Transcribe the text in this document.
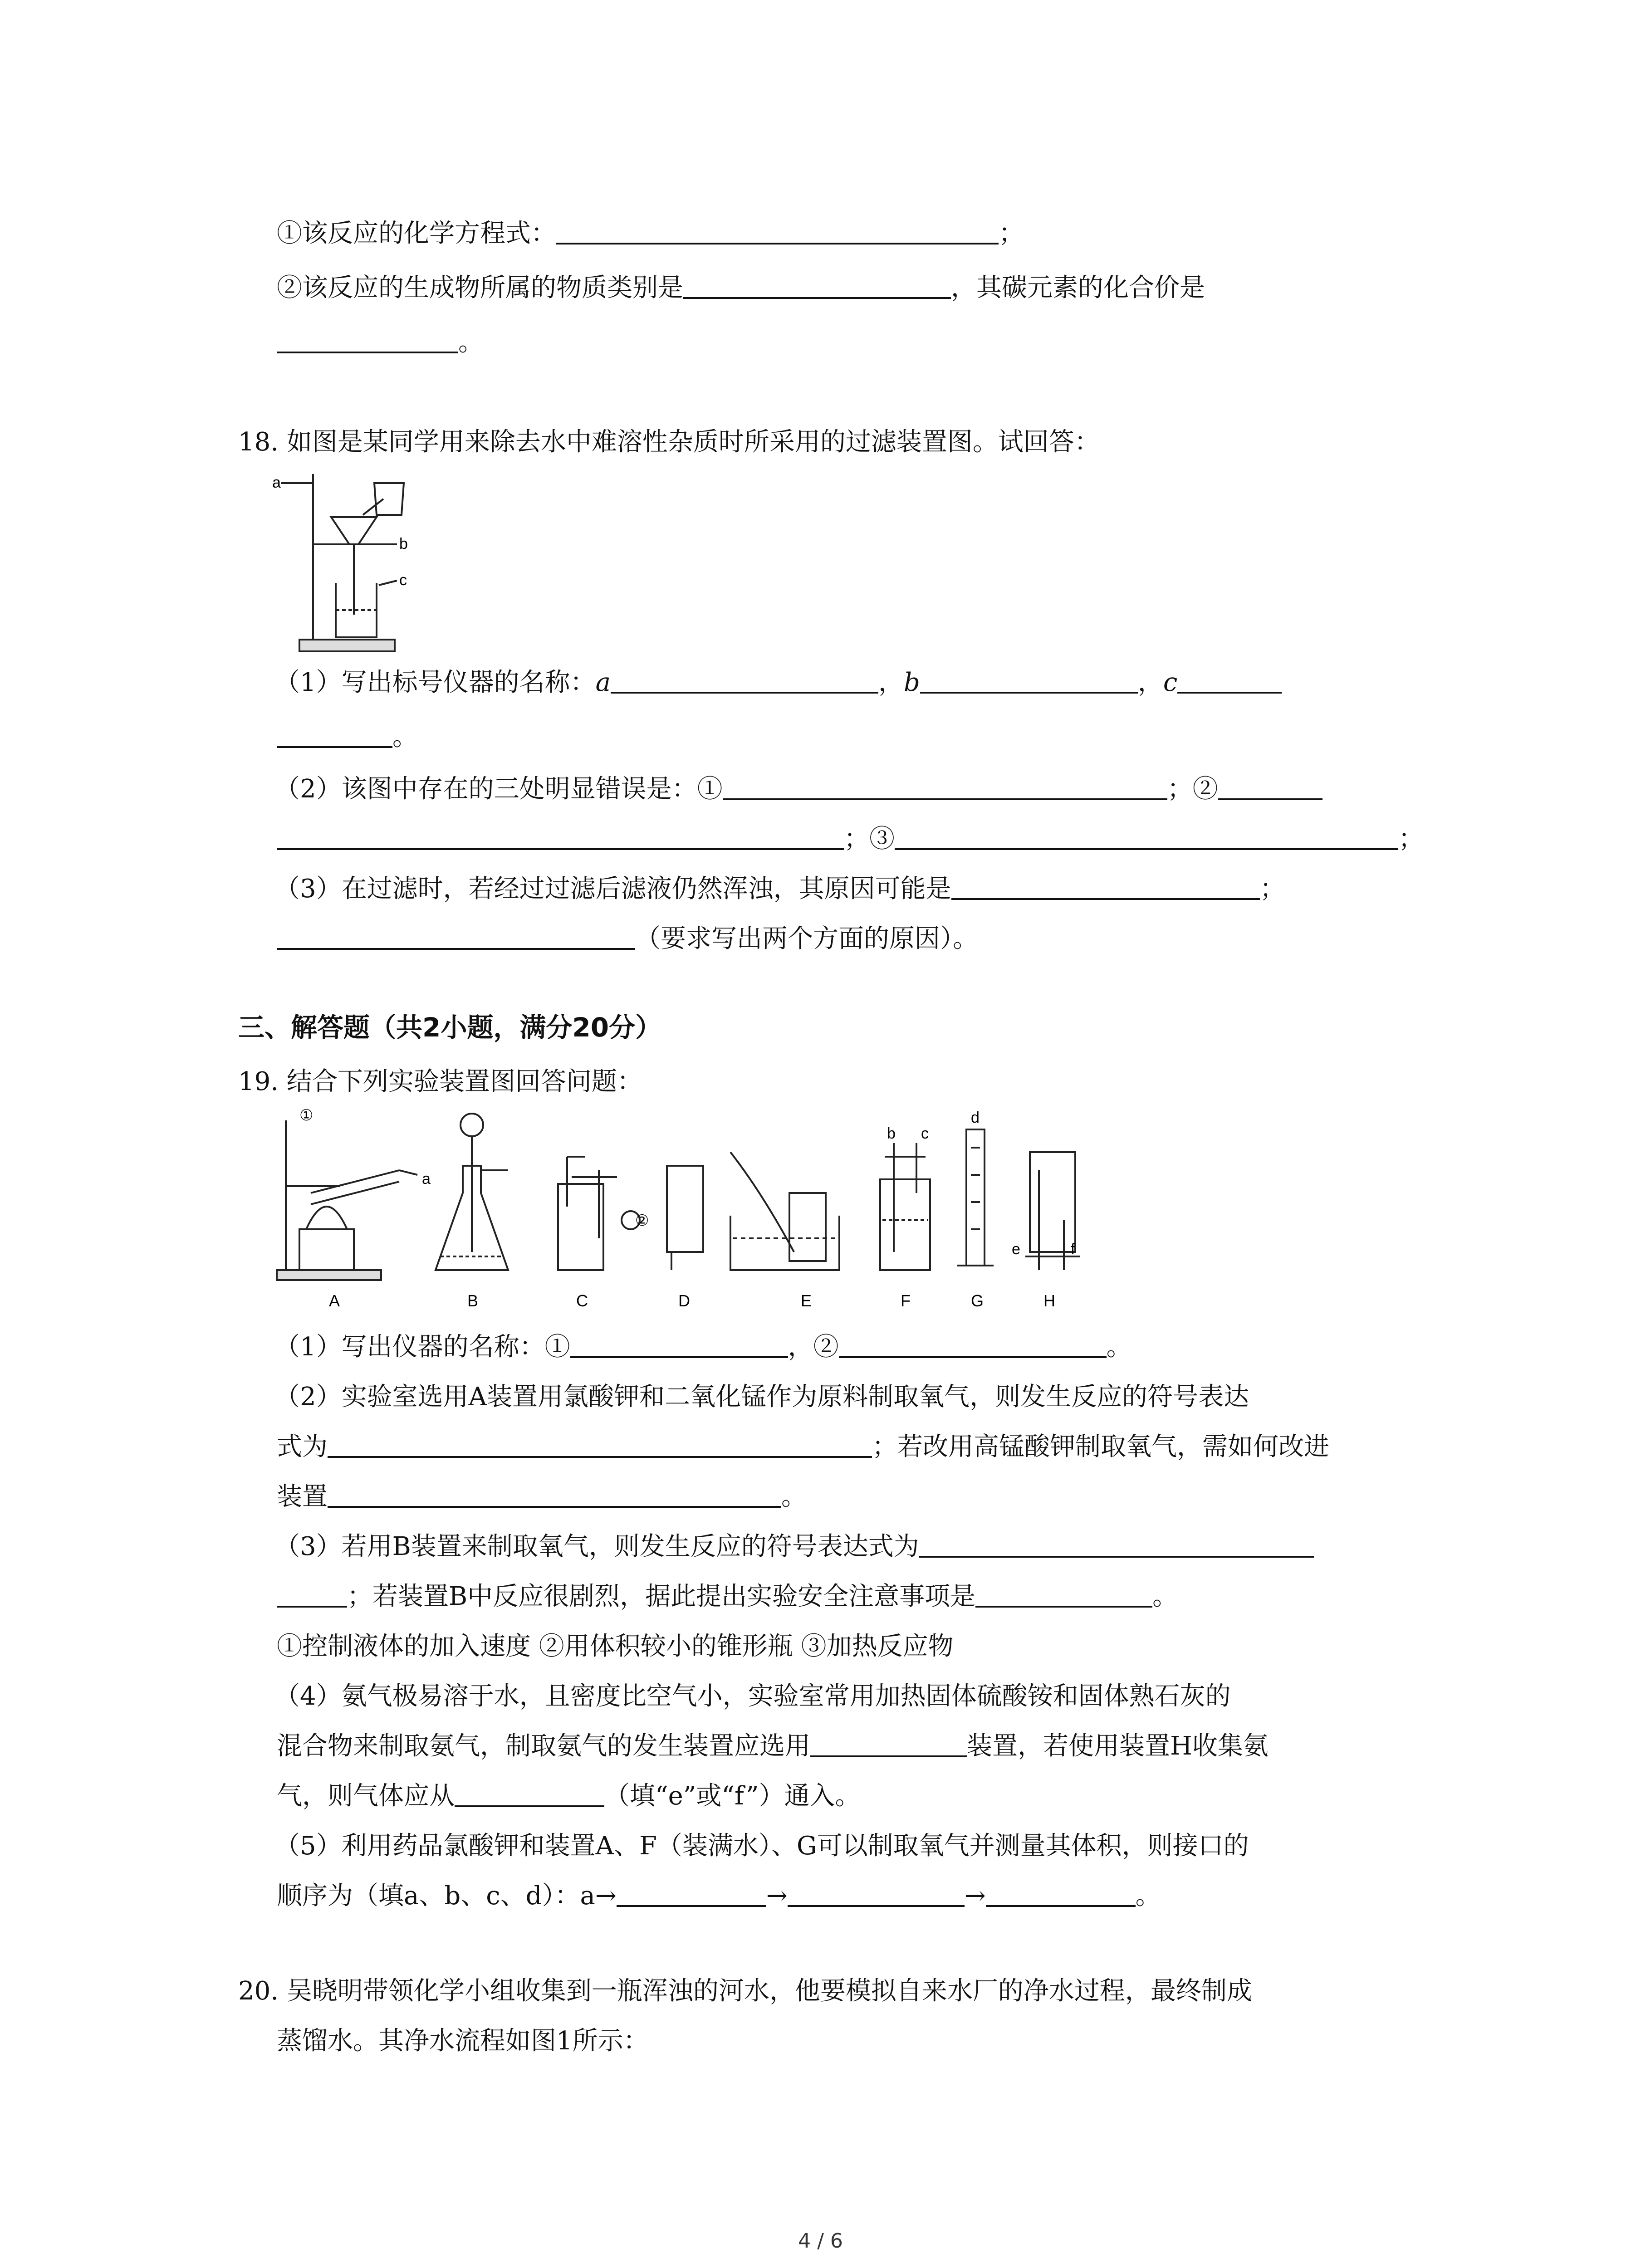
①该反应的化学方程式：	；
②该反应的生成物所属的物质类别是	，其碳元素的化合价是
。
18. 如图是某同学用来除去水中难溶性杂质时所采用的过滤装置图。试回答：
a
b
c
（1）写出标号仪器的名称：a	，b	，c
。
（2）该图中存在的三处明显错误是：①	；②
；③	；
（3）在过滤时，若经过过滤后滤液仍然浑浊，其原因可能是	；
（要求写出两个方面的原因）。
三、解答题（共2小题，满分20分）
19. 结合下列实验装置图回答问题：
①
a
②
b c
d
e	f
A	B	C	D	E	F	G	H
（1）写出仪器的名称：①	，②	。
（2）实验室选用A装置用氯酸钾和二氧化锰作为原料制取氧气，则发生反应的符号表达
式为	；若改用高锰酸钾制取氧气，需如何改进
装置	。
（3）若用B装置来制取氧气，则发生反应的符号表达式为
；若装置B中反应很剧烈，据此提出实验安全注意事项是	。
①控制液体的加入速度 ②用体积较小的锥形瓶 ③加热反应物
（4）氨气极易溶于水，且密度比空气小，实验室常用加热固体硫酸铵和固体熟石灰的
混合物来制取氨气，制取氨气的发生装置应选用	装置，若使用装置H收集氨
气，则气体应从	（填“e”或“f”）通入。
（5）利用药品氯酸钾和装置A、F（装满水）、G可以制取氧气并测量其体积，则接口的
顺序为（填a、b、c、d）：a→	→	→	。
20. 吴晓明带领化学小组收集到一瓶浑浊的河水，他要模拟自来水厂的净水过程，最终制成
蒸馏水。其净水流程如图1所示：
4 / 6
